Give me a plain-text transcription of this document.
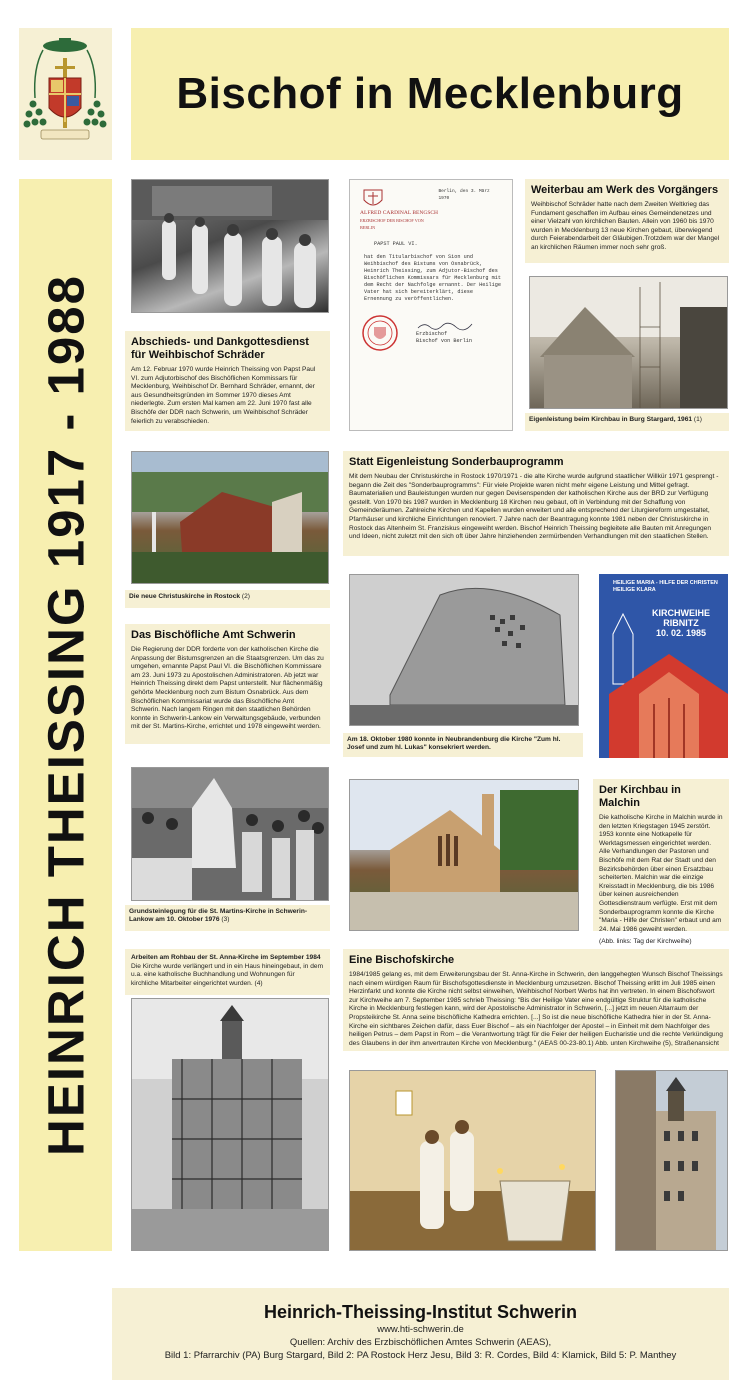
Bischof in Mecklenburg
HEINRICH THEISSING 1917 - 1988	Abschieds- und Dankgottesdienst für Weihbischof Schräder

Am 12. Februar 1970 wurde Heinrich Theissing von Papst Paul VI. zum Adjutorbischof des Bischöflichen Kommissars für Mecklenburg, Weihbischof Dr. Bernhard Schräder, ernannt, der aus Gesundheitsgründen im Sommer 1970 dieses Amt niederlegte. Zum ersten Mal kamen am 22. Juni 1970 fast alle Bischöfe der DDR nach Schwerin, um Weihbischof Schräder feierlich zu verabschieden.

ALFRED CARDINAL BENGSCH
ERZBISCHOF DER BISCHOF VON BERLIN
Berlin, den 3. März 1970
PAPST PAUL VI.
hat den Titularbischof von Sion und Weihbischof des Bistums von Osnabrück, Heinrich Theissing, zum Adjutor-Bischof des Bischöflichen Kommissars für Mecklenburg mit dem Recht der Nachfolge ernannt. Der Heilige Vater hat sich bereiterklärt, diese Ernennung zu veröffentlichen.
Erzbischof
Bischof von Berlin
Weiterbau am Werk des Vorgängers

Weihbischof Schräder hatte nach dem Zweiten Weltkrieg das Fundament geschaffen im Aufbau eines Gemeindenetzes und einer Vielzahl von kirchlichen Bauten. Allein von 1960 bis 1970 wurden in Mecklenburg 13 neue Kirchen gebaut, überwiegend durch Feierabendarbeit der Gläubigen.Trotzdem war der Mangel an kirchlichen Räumen immer noch sehr groß.

Eigenleistung beim Kirchbau in Burg Stargard, 1961 (1)
Die neue Christuskirche in Rostock (2)
Statt Eigenleistung Sonderbauprogramm

Mit dem Neubau der Christuskirche in Rostock 1970/1971 - die alte Kirche wurde aufgrund staatlicher Willkür 1971 gesprengt - begann die Zeit des "Sonderbauprogramms": Für viele Projekte waren nicht mehr eigene Leistung und Mittel gefragt. Baumaterialien und Bauleistungen wurden nur gegen Devisenspenden der katholischen Kirche aus der BRD zur Verfügung gestellt. Von 1970 bis 1987 wurden in Mecklenburg 18 Kirchen neu gebaut, oft in Verbindung mit der Schaffung von Gemeinderäumen. Zahlreiche Kirchen und Kapellen wurden erweitert und alle entsprechend der Liturgiereform umgestaltet, Pfarrhäuser und kirchliche Einrichtungen renoviert. 7 Jahre nach der Beantragung konnte 1981 neben der Christuskirche in Rostock das Altenheim St. Franziskus eingeweiht werden. Bischof Heinrich Theissing begleitete alle Bauten mit Anregungen und Ideen, nicht zuletzt mit den sich oft über Jahre hinziehenden zermürbenden Verhandlungen mit den staatlichen Stellen.

Das Bischöfliche Amt Schwerin

Die Regierung der DDR forderte von der katholischen Kirche die Anpassung der Bistumsgrenzen an die Staatsgrenzen. Um das zu umgehen, ernannte Papst Paul VI. die Bischöflichen Kommissare am 23. Juni 1973 zu Apostolischen Administratoren. Ab jetzt war Heinrich Theissing direkt dem Papst unterstellt. Nur flächenmäßig gehörte Mecklenburg noch zum Bistum Osnabrück. Aus dem Bischöflichen Kommissariat wurde das Bischöfliche Amt Schwerin. Nach langem Ringen mit den staatlichen Behörden konnte in Schwerin-Lankow ein Verwaltungsgebäude, verbunden mit der St. Martins-Kirche, errichtet und 1978 eingeweiht werden.

Am 18. Oktober 1980 konnte in Neubrandenburg die Kirche "Zum hl. Josef und zum hl. Lukas" konsekriert werden.
HEILIGE MARIA - HILFE DER CHRISTEN
HEILIGE KLARA
KIRCHWEIHE
RIBNITZ
10. 02. 1985
Grundsteinlegung für die St. Martins-Kirche in Schwerin-Lankow am 10. Oktober 1976 (3)
Der Kirchbau in Malchin

Die katholische Kirche in Malchin wurde in den letzten Kriegstagen 1945 zerstört. 1953 konnte eine Notkapelle für Werktagsmessen eingerichtet werden. Alle Verhandlungen der Pastoren und Bischöfe mit dem Rat der Stadt und den Bezirksbehörden über einen Ersatzbau scheiterten. Malchin war die einzige Kreisstadt in Mecklenburg, die bis 1986 über keinen ausreichenden Gottesdienstraum verfügte. Erst mit dem Sonderbauprogramm konnte die Kirche "Maria - Hilfe der Christen" erbaut und am 24. Mai 1986 geweiht werden.

(Abb. links: Tag der Kirchweihe)

Arbeiten am Rohbau der St. Anna-Kirche im September 1984

Die Kirche wurde verlängert und in ein Haus hineingebaut, in dem u.a. eine katholische Buchhandlung und Wohnungen für kirchliche Mitarbeiter eingerichtet wurden. (4)

Eine Bischofskirche

1984/1985 gelang es, mit dem Erweiterungsbau der St. Anna-Kirche in Schwerin, den langgehegten Wunsch Bischof Theissings nach einem würdigen Raum für Bischofsgottesdienste in Mecklenburg umzusetzen. Bischof Theissing erlitt im Juli 1985 einen Herzinfarkt und konnte die Kirche nicht selbst einweihen, Weihbischof Norbert Werbs hat ihn vertreten. In einem Bischofswort zur Kirchweihe am 7. September 1985 schrieb Theissing: "Bis der Heilige Vater eine endgültige Struktur für die katholische Kirche in Mecklenburg festlegen kann, wird der Apostolische Administrator in Schwerin, [...] jetzt im neuen Altarraum der Propsteikirche St. Anna seine bischöfliche Kathedra errichten. [...] So ist die neue bischöfliche Kathedra hier in der St. Anna-Kirche ein sichtbares Zeichen dafür, dass Euer Bischof – als ein Nachfolger der Apostel – in Einheit mit dem Nachfolger des heiligen Petrus – dem Papst in Rom – die Verantwortung trägt für die Feier der heiligen Eucharistie und die rechte Verkündigung des Glaubens in der ihm anvertrauten Kirche von Mecklenburg." (AEAS 00-23-80.1) Abb. unten Kirchweihe (5), Straßenansicht

Heinrich-Theissing-Institut Schwerin
www.hti-schwerin.de
Quellen: Archiv des Erzbischöflichen Amtes Schwerin (AEAS),
Bild 1: Pfarrarchiv (PA) Burg Stargard, Bild 2: PA Rostock Herz Jesu, Bild 3: R. Cordes, Bild 4: Klamick, Bild 5: P. Manthey
